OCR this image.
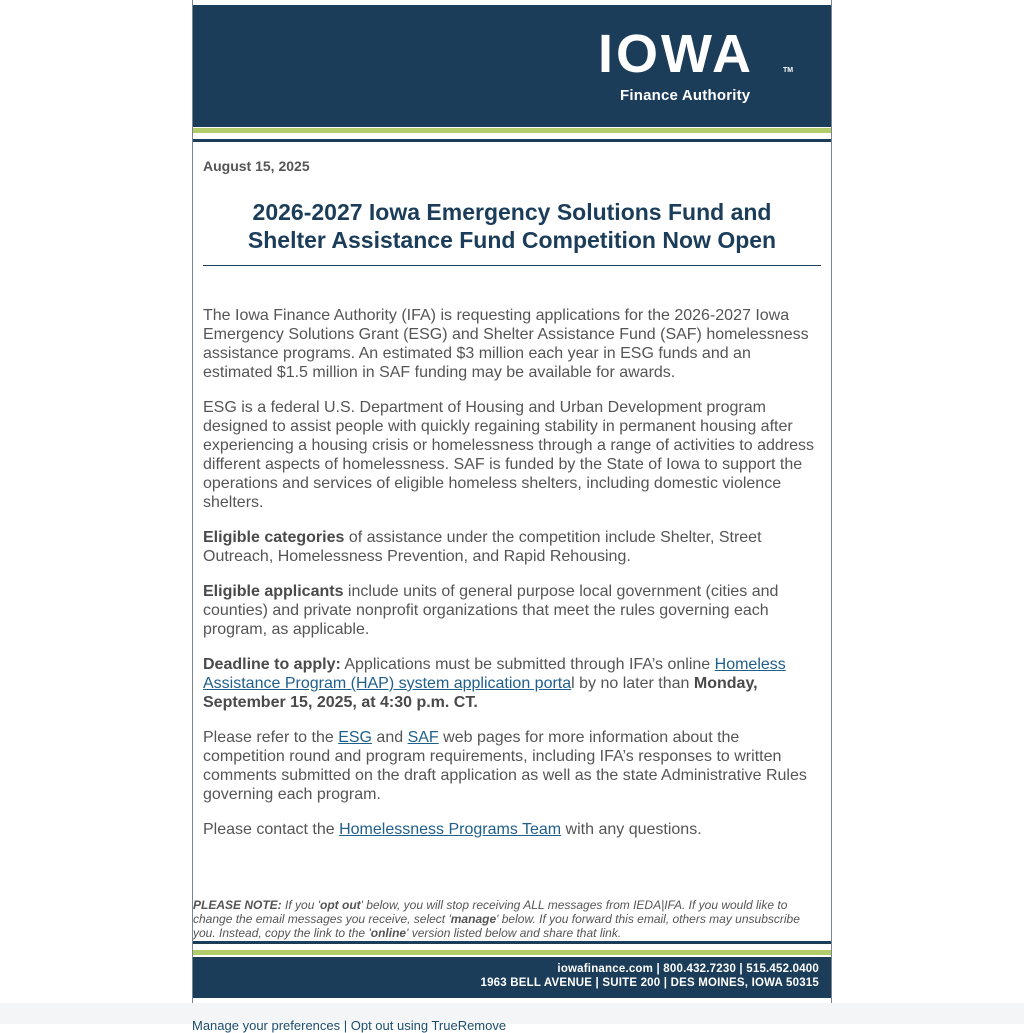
Manage your preferences | Opt out using TrueRemove
IOWA	TM
Finance Authority
August 15, 2025
2026-2027 Iowa Emergency Solutions Fund and
Shelter Assistance Fund Competition Now Open

The Iowa Finance Authority (IFA) is requesting applications for the 2026-2027 Iowa Emergency Solutions Grant (ESG) and Shelter Assistance Fund (SAF) homelessness assistance programs. An estimated $3 million each year in ESG funds and an estimated $1.5 million in SAF funding may be available for awards.

ESG is a federal U.S. Department of Housing and Urban Development program designed to assist people with quickly regaining stability in permanent housing after experiencing a housing crisis or homelessness through a range of activities to address different aspects of homelessness. SAF is funded by the State of Iowa to support the operations and services of eligible homeless shelters, including domestic violence shelters.

Eligible categories of assistance under the competition include Shelter, Street Outreach, Homelessness Prevention, and Rapid Rehousing.

Eligible applicants include units of general purpose local government (cities and counties) and private nonprofit organizations that meet the rules governing each program, as applicable.

Deadline to apply: Applications must be submitted through IFA’s online Homeless Assistance Program (HAP) system application portal by no later than Monday, September 15, 2025, at 4:30 p.m. CT.

Please refer to the ESG and SAF web pages for more information about the competition round and program requirements, including IFA’s responses to written comments submitted on the draft application as well as the state Administrative Rules governing each program.

Please contact the Homelessness Programs Team with any questions.

PLEASE NOTE: If you 'opt out' below, you will stop receiving ALL messages from IEDA|IFA. If you would like to change the email messages you receive, select 'manage' below. If you forward this email, others may unsubscribe you. Instead, copy the link to the 'online' version listed below and share that link.
iowafinance.com | 800.432.7230 | 515.452.0400
1963 BELL AVENUE | SUITE 200 | DES MOINES, IOWA 50315
